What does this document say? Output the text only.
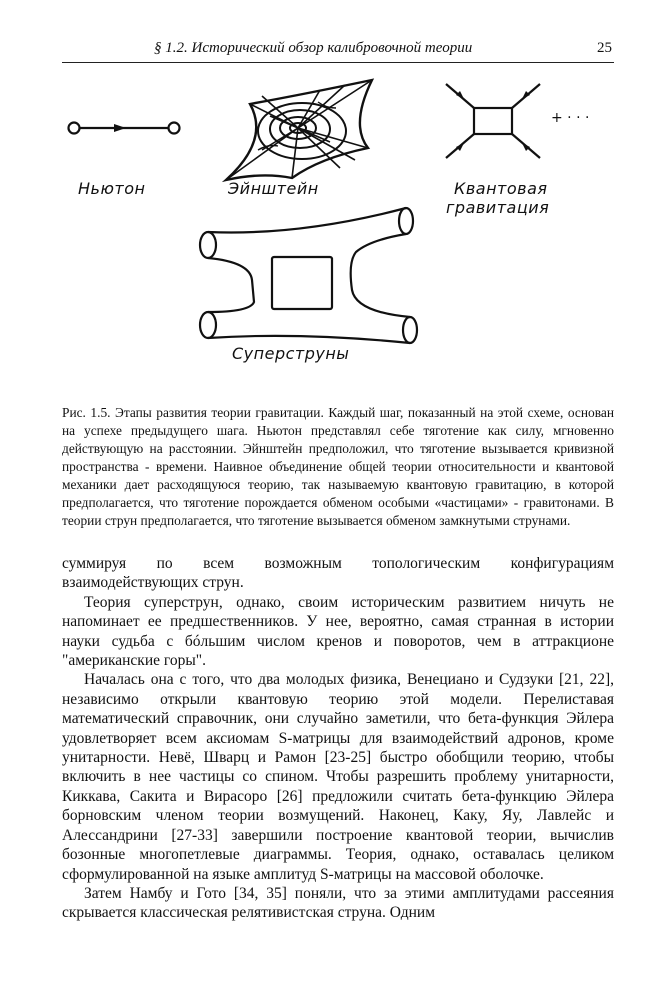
§ 1.2. Исторический обзор калибровочной теории	25
+ · · ·
Ньютон	Эйнштейн	Квантовая
гравитация
Суперструны
Рис. 1.5. Этапы развития теории гравитации. Каждый шаг, показанный на этой схеме, основан на успехе предыдущего шага. Ньютон представлял себе тяготение как силу, мгновенно действующую на расстоянии. Эйнштейн предположил, что тяготение вызывается кривизной пространства - времени. Наивное объединение общей теории относительности и квантовой механики дает расходящуюся теорию, так называемую квантовую гравитацию, в которой предполагается, что тяготение порождается обменом особыми «частицами» - гравитонами. В теории струн предполагается, что тяготение вызывается обменом замкнутыми струнами.

суммируя по всем возможным топологическим конфигурациям взаимодействующих струн.

Теория суперструн, однако, своим историческим развитием ничуть не напоминает ее предшественников. У нее, вероятно, самая странная в истории науки судьба с бóльшим числом кренов и поворотов, чем в аттракционе "американские горы".

Началась она с того, что два молодых физика, Венециано и Судзуки [21, 22], независимо открыли квантовую теорию этой модели. Перелиставая математический справочник, они случайно заметили, что бета-функция Эйлера удовлетворяет всем аксиомам S-матрицы для взаимодействий адронов, кроме унитарности. Невё, Шварц и Рамон [23-25] быстро обобщили теорию, чтобы включить в нее частицы со спином. Чтобы разрешить проблему унитарности, Киккава, Сакита и Вирасоро [26] предложили считать бета-функцию Эйлера борновским членом теории возмущений. Наконец, Каку, Яу, Лавлейс и Алессандрини [27-33] завершили построение квантовой теории, вычислив бозонные многопетлевые диаграммы. Теория, однако, оставалась целиком сформулированной на языке амплитуд S-матрицы на массовой оболочке.

Затем Намбу и Гото [34, 35] поняли, что за этими амплитудами рассеяния скрывается классическая релятивистская струна. Одним
